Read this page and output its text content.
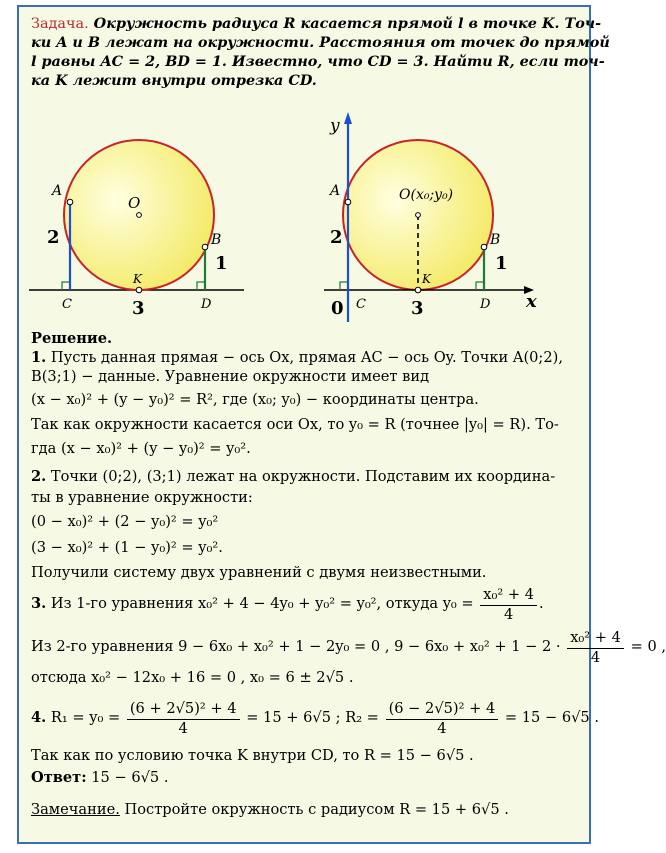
Задача. Окружность радиуса R касается прямой l в точке K. Точ-
ки A и B лежат на окружности. Расстояния от точек до прямой
l равны AC = 2, BD = 1. Известно, что CD = 3. Найти R, если точ-
ка K лежит внутри отрезка CD.
A
O
B
K
C	D
2
1
3
y
x
A	O(x₀;y₀)
B
K
C	D
2
1
3
0
Решение.
1. Пусть данная прямая − ось Ox, прямая AC − ось Oy. Точки A(0;2),
B(3;1) − данные. Уравнение окружности имеет вид
(x − x₀)² + (y − y₀)² = R², где (x₀; y₀) − координаты центра.
Так как окружности касается оси Ox, то y₀ = R (точнее |y₀| = R). То-
гда (x − x₀)² + (y − y₀)² = y₀².
2. Точки (0;2), (3;1) лежат на окружности. Подставим их координа-
ты в уравнение окружности:
(0 − x₀)² + (2 − y₀)² = y₀²
(3 − x₀)² + (1 − y₀)² = y₀².
Получили систему двух уравнений с двумя неизвестными.
3. Из 1-го уравнения x₀² + 4 − 4y₀ + y₀² = y₀², откуда $y_0 = \frac{\text{x₀² + 4}}{4}$ .
Из 2-го уравнения 9 − 6x₀ + x₀² + 1 − 2y₀ = 0 , $9 - 6x_0 + x_0^2 + 1 - 2 \cdot \frac{\text{x₀² + 4}}{4} = 0$ ,
отсюда x₀² − 12x₀ + 16 = 0 , x₀ = 6 ± 2√5 .
4. $R_1 = y_0 = \frac{\text{(6 + 2√5)² + 4}}{4} = 15 + 6√5$ ; $R_2 = \frac{\text{(6 − 2√5)² + 4}}{4} = 15 - 6√5$ .
Так как по условию точка K внутри CD, то R = 15 − 6√5 .
Ответ: 15 − 6√5 .
Замечание. Постройте окружность с радиусом R = 15 + 6√5 .
